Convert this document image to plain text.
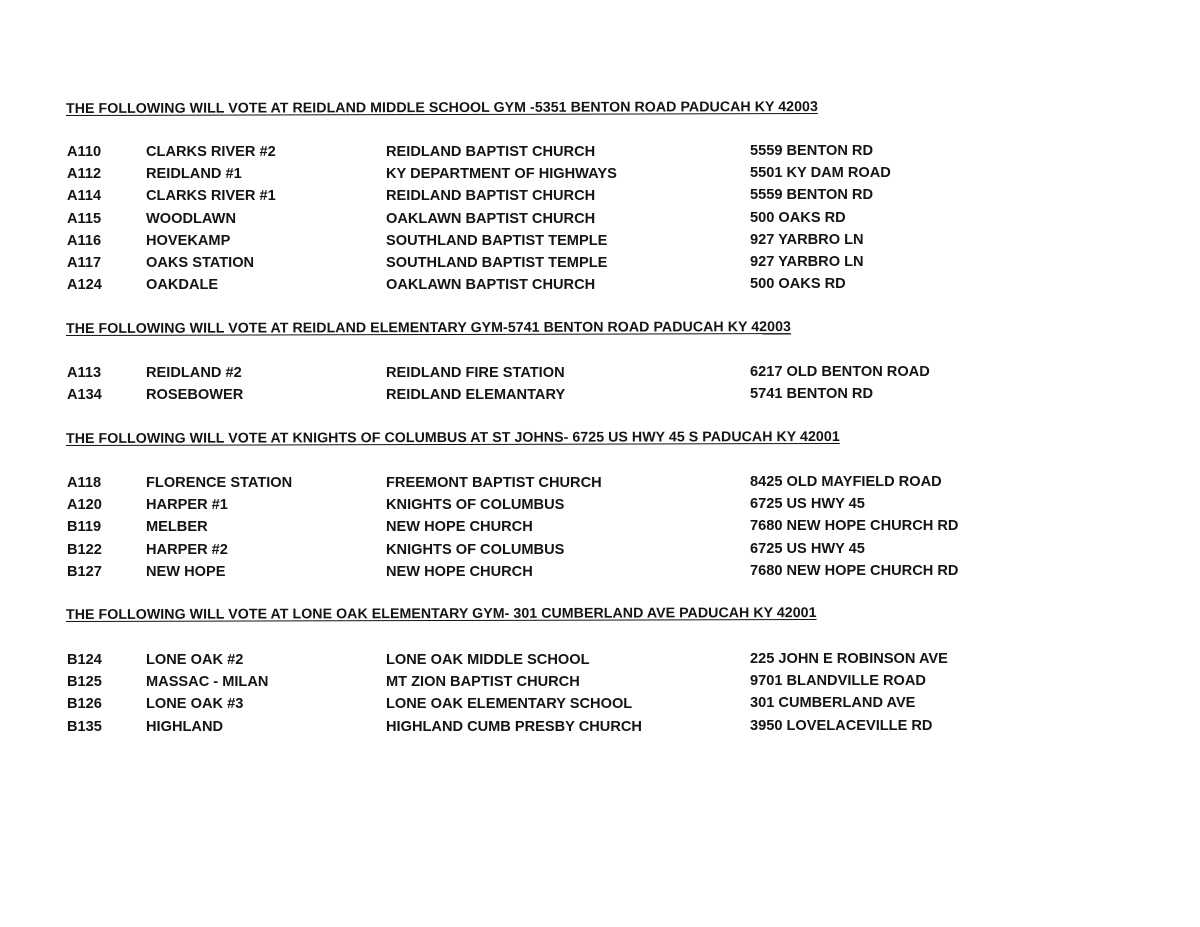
THE FOLLOWING WILL VOTE AT REIDLAND MIDDLE SCHOOL GYM -5351 BENTON ROAD PADUCAH KY 42003
A110	CLARKS RIVER #2	REIDLAND BAPTIST CHURCH	5559 BENTON RD
A112	REIDLAND #1	KY DEPARTMENT OF HIGHWAYS	5501 KY DAM ROAD
A114	CLARKS RIVER #1	REIDLAND BAPTIST CHURCH	5559 BENTON RD
A115	WOODLAWN	OAKLAWN BAPTIST CHURCH	500 OAKS RD
A116	HOVEKAMP	SOUTHLAND BAPTIST TEMPLE	927 YARBRO LN
A117	OAKS STATION	SOUTHLAND BAPTIST TEMPLE	927 YARBRO LN
A124	OAKDALE	OAKLAWN BAPTIST CHURCH	500 OAKS RD
THE FOLLOWING WILL VOTE AT REIDLAND ELEMENTARY GYM-5741 BENTON ROAD PADUCAH KY 42003
A113	REIDLAND #2	REIDLAND FIRE STATION	6217 OLD BENTON ROAD
A134	ROSEBOWER	REIDLAND ELEMANTARY	5741 BENTON RD
THE FOLLOWING WILL VOTE AT KNIGHTS OF COLUMBUS AT ST JOHNS- 6725 US HWY 45 S PADUCAH KY 42001
A118	FLORENCE STATION	FREEMONT BAPTIST CHURCH	8425 OLD MAYFIELD ROAD
A120	HARPER #1	KNIGHTS OF COLUMBUS	6725 US HWY 45
B119	MELBER	NEW HOPE CHURCH	7680 NEW HOPE CHURCH RD
B122	HARPER #2	KNIGHTS OF COLUMBUS	6725 US HWY 45
B127	NEW HOPE	NEW HOPE CHURCH	7680 NEW HOPE CHURCH RD
THE FOLLOWING WILL VOTE AT LONE OAK ELEMENTARY GYM- 301 CUMBERLAND AVE PADUCAH KY 42001
B124	LONE OAK #2	LONE OAK MIDDLE SCHOOL	225 JOHN E ROBINSON AVE
B125	MASSAC - MILAN	MT ZION BAPTIST CHURCH	9701 BLANDVILLE ROAD
B126	LONE OAK #3	LONE OAK ELEMENTARY SCHOOL	301 CUMBERLAND AVE
B135	HIGHLAND	HIGHLAND CUMB PRESBY CHURCH	3950 LOVELACEVILLE RD
